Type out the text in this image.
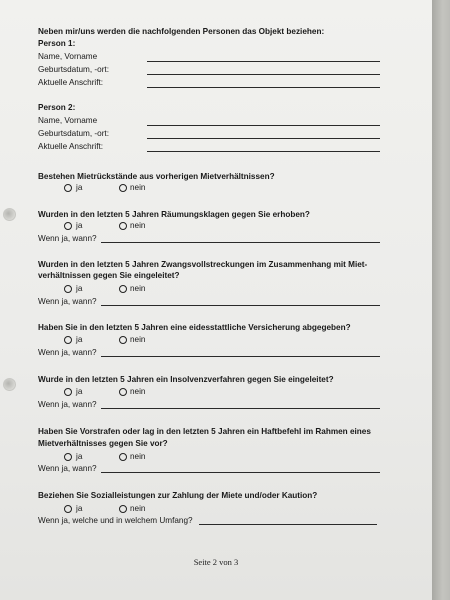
Neben mir/uns werden die nachfolgenden Personen das Objekt beziehen:
Person 1:
Name, Vorname
Geburtsdatum, -ort:
Aktuelle Anschrift:
Person 2:
Name, Vorname
Geburtsdatum, -ort:
Aktuelle Anschrift:
Bestehen Mietrückstände aus vorherigen Mietverhältnissen?
ja	nein
Wurden in den letzten 5 Jahren Räumungsklagen gegen Sie erhoben?
ja	nein
Wenn ja, wann?
Wurden in den letzten 5 Jahren Zwangsvollstreckungen im Zusammenhang mit Miet-
verhältnissen gegen Sie eingeleitet?
ja	nein
Wenn ja, wann?
Haben Sie in den letzten 5 Jahren eine eidesstattliche Versicherung abgegeben?
ja	nein
Wenn ja, wann?
Wurde in den letzten 5 Jahren ein Insolvenzverfahren gegen Sie eingeleitet?
ja	nein
Wenn ja, wann?
Haben Sie Vorstrafen oder lag in den letzten 5 Jahren ein Haftbefehl im Rahmen eines
Mietverhältnisses gegen Sie vor?
ja	nein
Wenn ja, wann?
Beziehen Sie Sozialleistungen zur Zahlung der Miete und/oder Kaution?
ja	nein
Wenn ja, welche und in welchem Umfang?
Seite 2 von 3
